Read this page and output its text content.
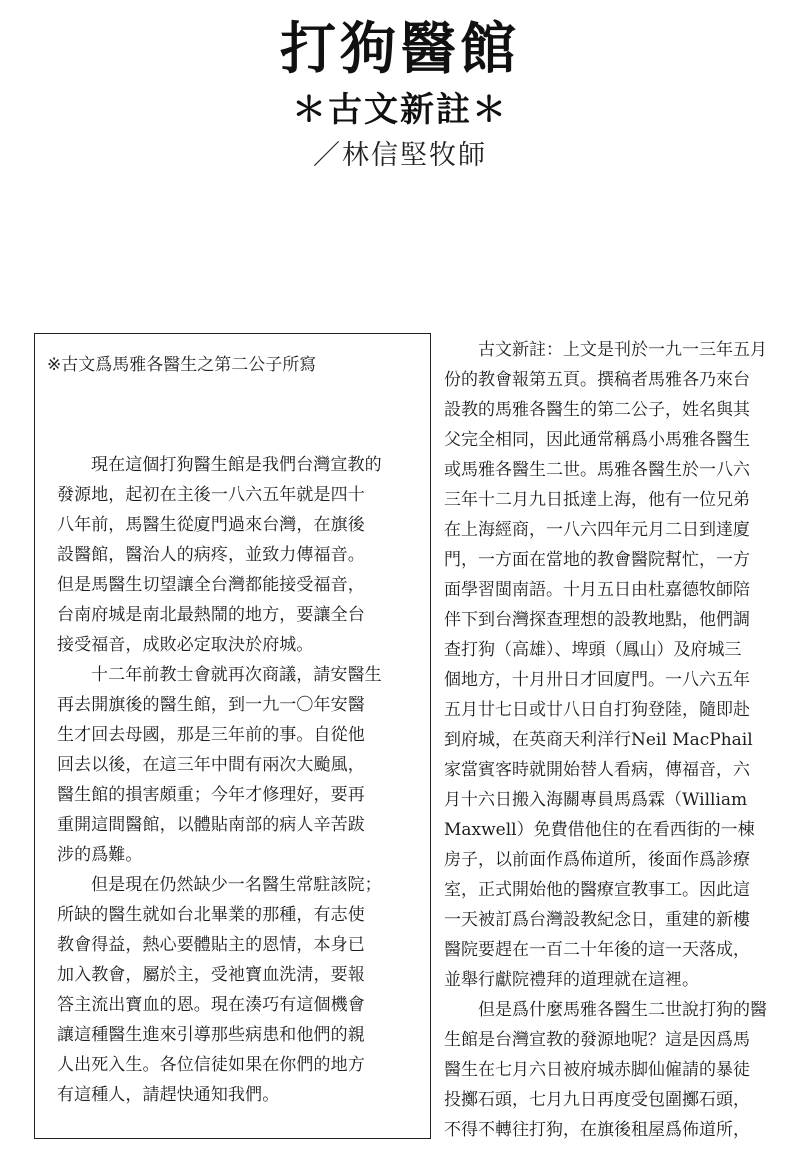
打狗醫館
＊古文新註＊
／林信堅牧師
※古文爲馬雅各醫生之第二公子所寫

現在這個打狗醫生館是我們台灣宣教的
發源地，起初在主後一八六五年就是四十
八年前，馬醫生從廈門過來台灣，在旗後
設醫館，醫治人的病疼，並致力傳福音。
但是馬醫生切望讓全台灣都能接受福音，
台南府城是南北最熱鬧的地方，要讓全台
接受福音，成敗必定取決於府城。

十二年前教士會就再次商議，請安醫生
再去開旗後的醫生館，到一九一〇年安醫
生才回去母國，那是三年前的事。自從他
回去以後，在這三年中間有兩次大颱風，
醫生館的損害頗重；今年才修理好，要再
重開這間醫館，以體貼南部的病人辛苦跋
涉的爲難。

但是現在仍然缺少一名醫生常駐該院；
所缺的醫生就如台北畢業的那種，有志使
教會得益，熱心要體貼主的恩情，本身已
加入教會，屬於主，受祂寶血洗淸，要報
答主流出寶血的恩。現在湊巧有這個機會
讓這種醫生進來引導那些病患和他們的親
人出死入生。各位信徒如果在你們的地方
有這種人，請趕快通知我們。

古文新註：上文是刊於一九一三年五月
份的教會報第五頁。撰稿者馬雅各乃來台
設教的馬雅各醫生的第二公子，姓名與其
父完全相同，因此通常稱爲小馬雅各醫生
或馬雅各醫生二世。馬雅各醫生於一八六
三年十二月九日抵達上海，他有一位兄弟
在上海經商，一八六四年元月二日到達廈
門，一方面在當地的教會醫院幫忙，一方
面學習閩南語。十月五日由杜嘉德牧師陪
伴下到台灣探查理想的設教地點，他們調
查打狗（高雄）、埤頭（鳳山）及府城三
個地方，十月卅日才回廈門。一八六五年
五月廿七日或廿八日自打狗登陸，隨即赴
到府城，在英商天利洋行Neil MacPhail
家當賓客時就開始替人看病，傳福音，六
月十六日搬入海關專員馬爲霖（William
Maxwell）免費借他住的在看西街的一棟
房子，以前面作爲佈道所，後面作爲診療
室，正式開始他的醫療宣教事工。因此這
一天被訂爲台灣設教紀念日，重建的新樓
醫院要趕在一百二十年後的這一天落成，
並舉行獻院禮拜的道理就在這裡。

但是爲什麼馬雅各醫生二世說打狗的醫
生館是台灣宣教的發源地呢？這是因爲馬
醫生在七月六日被府城赤脚仙僱請的暴徒
投擲石頭，七月九日再度受包圍擲石頭，
不得不轉往打狗，在旗後租屋爲佈道所，
